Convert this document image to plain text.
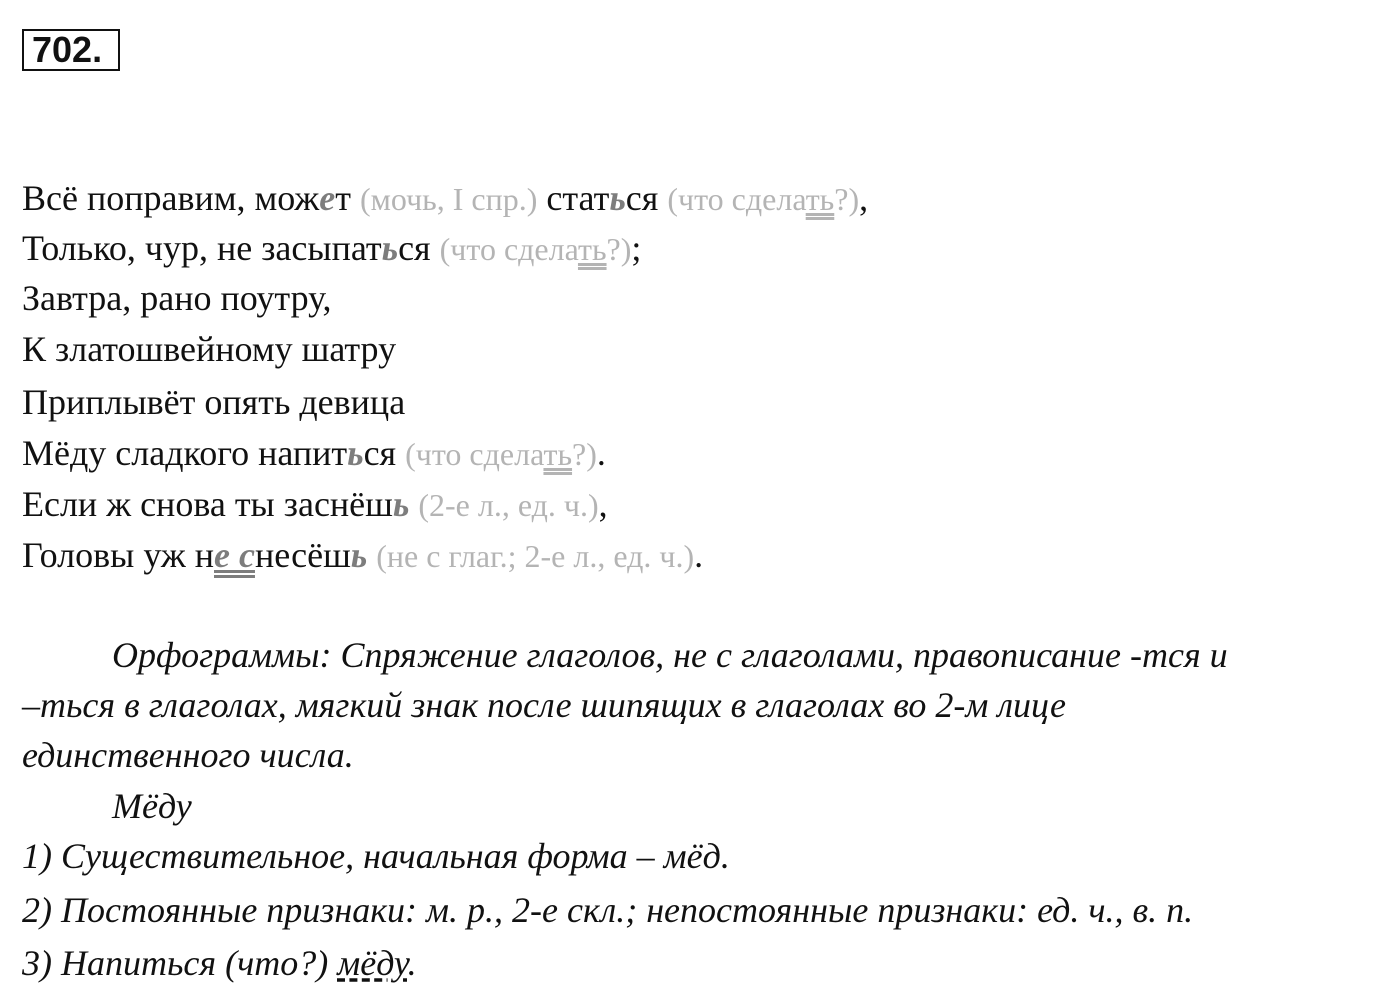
702.
Всё поправим, может (мочь, I спр.) статься (что сделать?),
Только, чур, не засыпаться (что сделать?);
Завтра, рано поутру,
К златошвейному шатру
Приплывёт опять девица
Мёду сладкого напиться (что сделать?).
Если ж снова ты заснёшь (2-е л., ед. ч.),
Головы уж не снесёшь (не с глаг.; 2-е л., ед. ч.).
Орфограммы: Спряжение глаголов, не с глаголами, правописание -тся и
–ться в глаголах, мягкий знак после шипящих в глаголах во 2-м лице
единственного числа.
Мёду
1) Существительное, начальная форма – мёд.
2) Постоянные признаки: м. р., 2-е скл.; непостоянные признаки: ед. ч., в. п.
3) Напиться (что?) мёду.
